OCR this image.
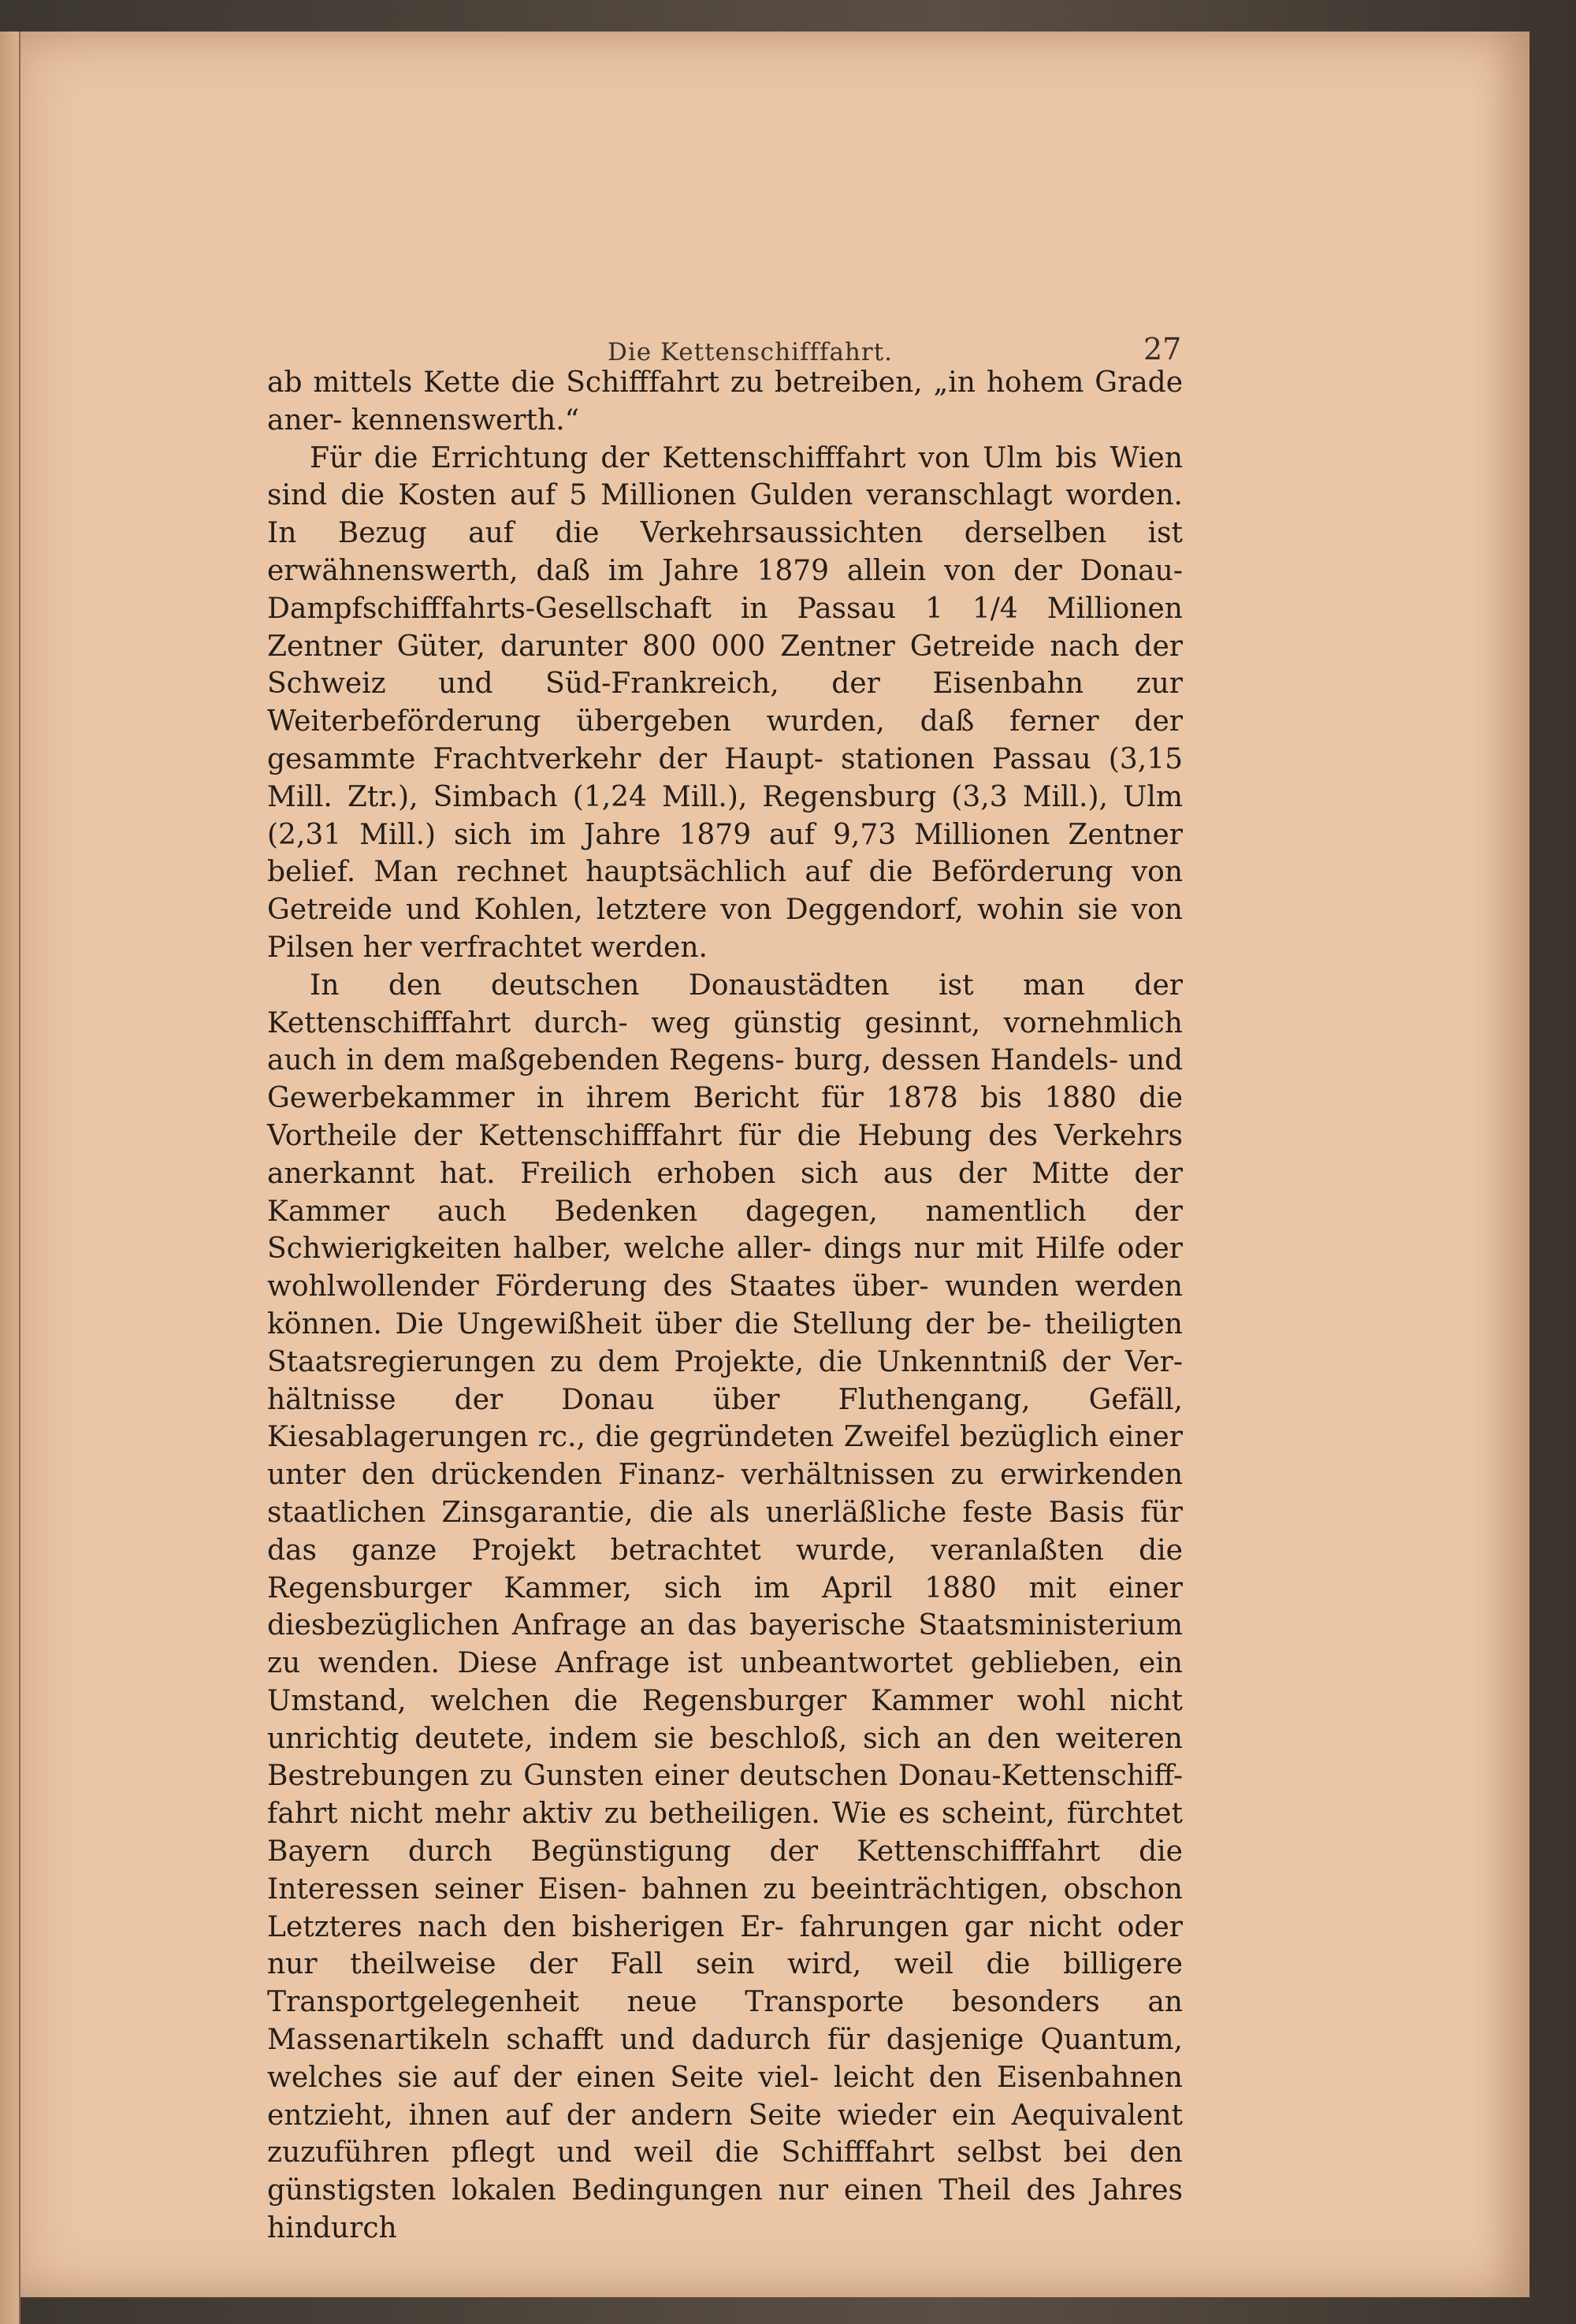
Die Kettenschifffahrt.	27

ab mittels Kette die Schifffahrt zu betreiben, „in hohem Grade aner- kennenswerth.“

Für die Errichtung der Kettenschifffahrt von Ulm bis Wien sind die Kosten auf 5 Millionen Gulden veranschlagt worden. In Bezug auf die Verkehrsaussichten derselben ist erwähnenswerth, daß im Jahre 1879 allein von der Donau-Dampfschifffahrts-Gesellschaft in Passau 1 1/4 Millionen Zentner Güter, darunter 800 000 Zentner Getreide nach der Schweiz und Süd-Frankreich, der Eisenbahn zur Weiterbeförderung übergeben wurden, daß ferner der gesammte Frachtverkehr der Haupt- stationen Passau (3,15 Mill. Ztr.), Simbach (1,24 Mill.), Regensburg (3,3 Mill.), Ulm (2,31 Mill.) sich im Jahre 1879 auf 9,73 Millionen Zentner belief. Man rechnet hauptsächlich auf die Beförderung von Getreide und Kohlen, letztere von Deggendorf, wohin sie von Pilsen her verfrachtet werden.

In den deutschen Donaustädten ist man der Kettenschifffahrt durch- weg günstig gesinnt, vornehmlich auch in dem maßgebenden Regens- burg, dessen Handels- und Gewerbekammer in ihrem Bericht für 1878 bis 1880 die Vortheile der Kettenschifffahrt für die Hebung des Verkehrs anerkannt hat. Freilich erhoben sich aus der Mitte der Kammer auch Bedenken dagegen, namentlich der Schwierigkeiten halber, welche aller- dings nur mit Hilfe oder wohlwollender Förderung des Staates über- wunden werden können. Die Ungewißheit über die Stellung der be- theiligten Staatsregierungen zu dem Projekte, die Unkenntniß der Ver- hältnisse der Donau über Fluthengang, Gefäll, Kiesablagerungen rc., die gegründeten Zweifel bezüglich einer unter den drückenden Finanz- verhältnissen zu erwirkenden staatlichen Zinsgarantie, die als unerläßliche feste Basis für das ganze Projekt betrachtet wurde, veranlaßten die Regensburger Kammer, sich im April 1880 mit einer diesbezüglichen Anfrage an das bayerische Staatsministerium zu wenden. Diese Anfrage ist unbeantwortet geblieben, ein Umstand, welchen die Regensburger Kammer wohl nicht unrichtig deutete, indem sie beschloß, sich an den weiteren Bestrebungen zu Gunsten einer deutschen Donau-Kettenschiff- fahrt nicht mehr aktiv zu betheiligen. Wie es scheint, fürchtet Bayern durch Begünstigung der Kettenschifffahrt die Interessen seiner Eisen- bahnen zu beeinträchtigen, obschon Letzteres nach den bisherigen Er- fahrungen gar nicht oder nur theilweise der Fall sein wird, weil die billigere Transportgelegenheit neue Transporte besonders an Massenartikeln schafft und dadurch für dasjenige Quantum, welches sie auf der einen Seite viel- leicht den Eisenbahnen entzieht, ihnen auf der andern Seite wieder ein Aequivalent zuzuführen pflegt und weil die Schifffahrt selbst bei den günstigsten lokalen Bedingungen nur einen Theil des Jahres hindurch
